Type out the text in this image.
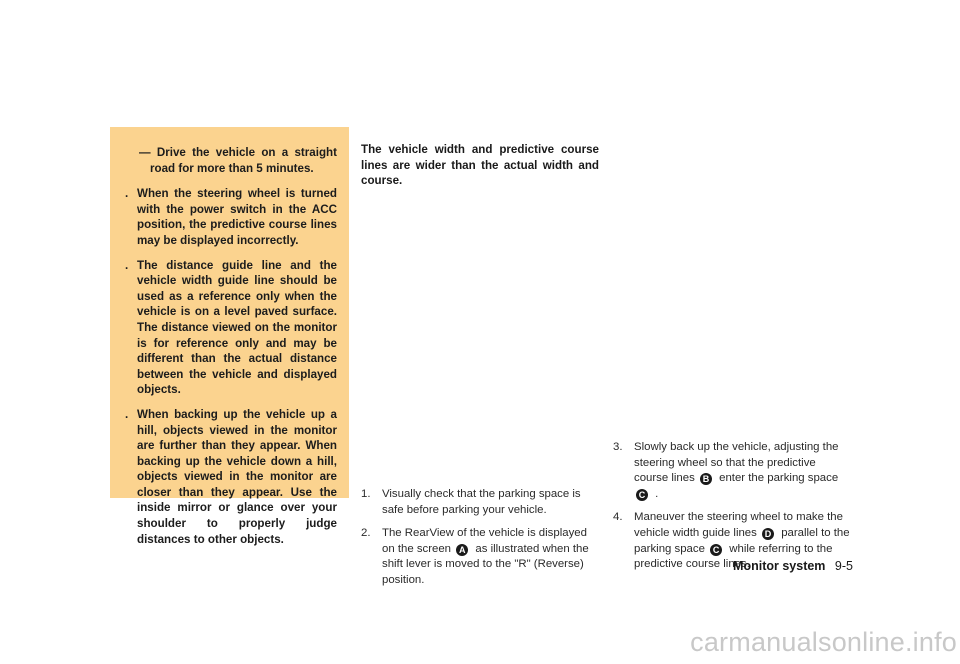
— Drive the vehicle on a straight road for more than 5 minutes.

. When the steering wheel is turned with the power switch in the ACC position, the predictive course lines may be displayed incorrectly.

. The distance guide line and the vehicle width guide line should be used as a reference only when the vehicle is on a level paved surface. The distance viewed on the monitor is for reference only and may be different than the actual distance between the vehicle and displayed objects.

. When backing up the vehicle up a hill, objects viewed in the monitor are further than they appear. When backing up the vehicle down a hill, objects viewed in the monitor are closer than they appear. Use the inside mirror or glance over your shoulder to properly judge distances to other objects.

The vehicle width and predictive course lines are wider than the actual width and course.

1. Visually check that the parking space is safe before parking your vehicle.

2. The RearView of the vehicle is displayed on the screen A as illustrated when the shift lever is moved to the "R" (Reverse) position.

3. Slowly back up the vehicle, adjusting the steering wheel so that the predictive course lines B enter the parking space C .

4. Maneuver the steering wheel to make the vehicle width guide lines D parallel to the parking space C while referring to the predictive course lines.

Monitor system 9-5
carmanualsonline.info
